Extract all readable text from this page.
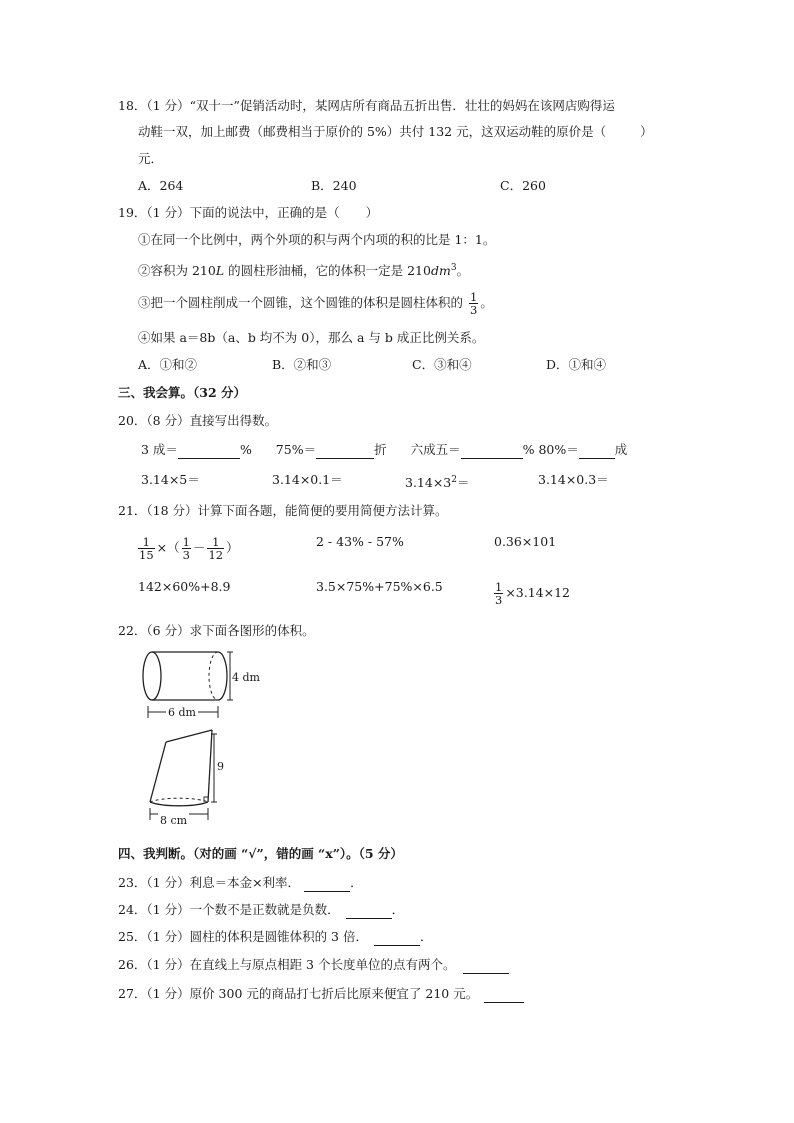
18．（1 分）“双十一”促销活动时，某网店所有商品五折出售．壮壮的妈妈在该网店购得运
动鞋一双，加上邮费（邮费相当于原价的 5%）共付 132 元，这双运动鞋的原价是（	）
元．
A．264	B．240	C．260
19．（1 分）下面的说法中，正确的是（ ）
①在同一个比例中，两个外项的积与两个内项的积的比是 1：1。
②容积为 210L 的圆柱形油桶，它的体积一定是 $210dm^3$。
③把一个圆柱削成一个圆锥，这个圆锥的体积是圆柱体积的 $\frac{1}{3}$ 。
④如果 a＝8b（a、b 均不为 0），那么 a 与 b 成正比例关系。
A．①和②	B．②和③	C．③和④	D．①和④
三、我会算。（32 分）
20．（8 分）直接写出得数。
3 成＝	% 75%＝	折 六成五＝	% 80%＝	成
3.14×5＝	3.14×0.1＝	$3.14\times 3^2=$	3.14×0.3＝
21．（18 分）计算下面各题，能简便的要用简便方法计算。
$\frac{1}{15}$ ×（ $\frac{1}{3} - \frac{1}{12}$ ）	2 - 43% - 57%	0.36×101
142×60%+8.9	3.5×75%+75%×6.5	$\frac{1}{3} \times 3.14\times 12$
22．（6 分）求下面各图形的体积。
4 dm
6 dm
9
8 cm
四、我判断。（对的画 “√”，错的画 “x”）。（5 分）
23．（1 分）利息＝本金×利率．	．
24．（1 分）一个数不是正数就是负数．	．
25．（1 分）圆柱的体积是圆锥体积的 3 倍．	．
26．（1 分）在直线上与原点相距 3 个长度单位的点有两个。
27．（1 分）原价 300 元的商品打七折后比原来便宜了 210 元。
